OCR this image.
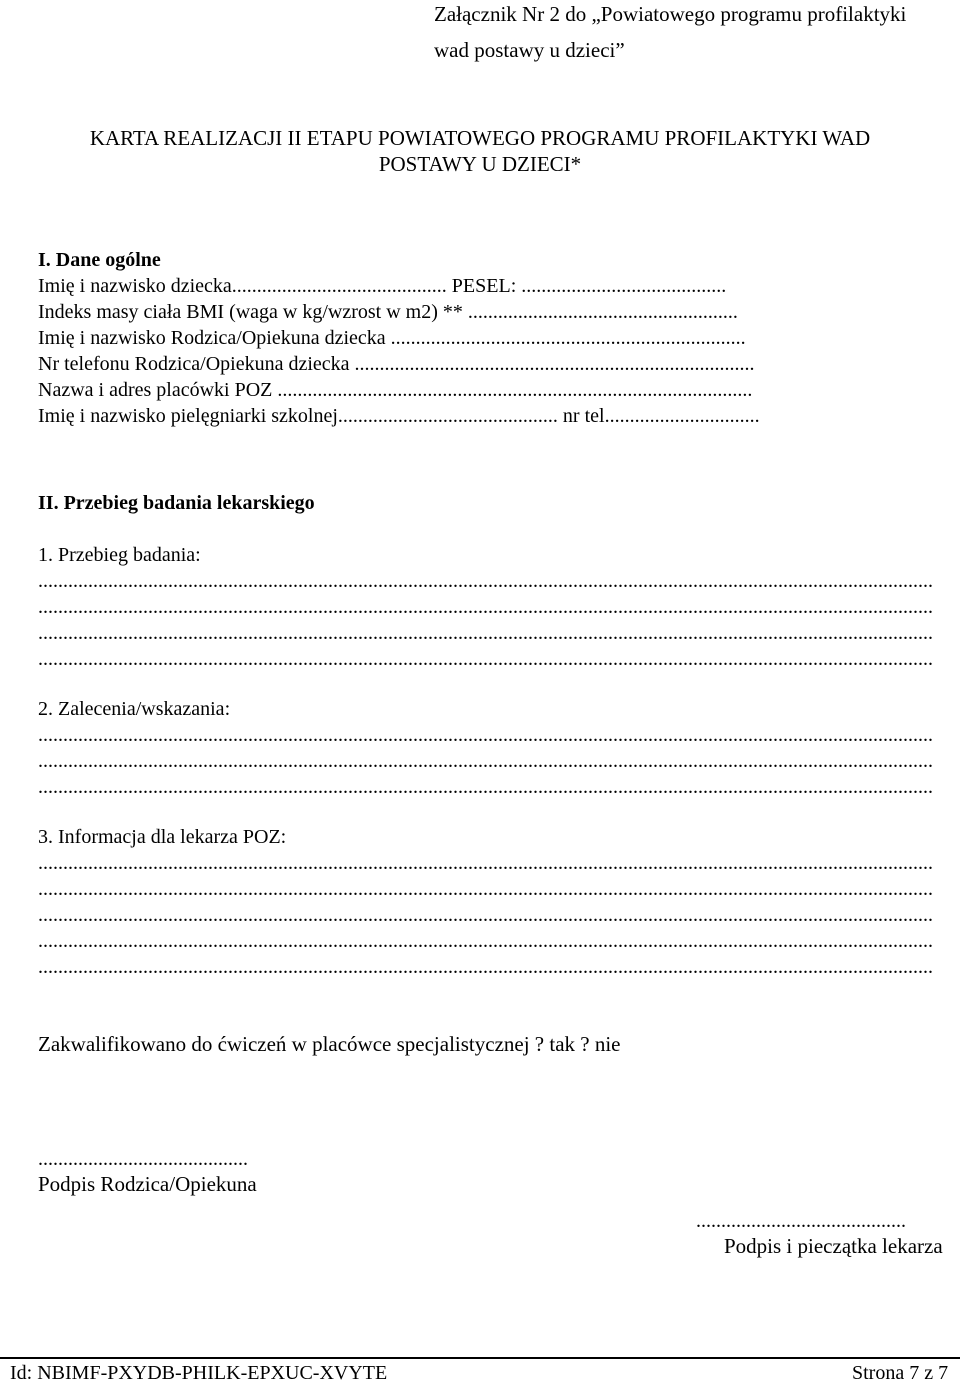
Załącznik Nr 2 do „Powiatowego programu profilaktyki
wad postawy u dzieci”
KARTA REALIZACJI II ETAPU POWIATOWEGO PROGRAMU PROFILAKTYKI WAD
POSTAWY U DZIECI*
I. Dane ogólne
Imię i nazwisko dziecka........................................... PESEL: .........................................
Indeks masy ciała BMI (waga w kg/wzrost w m2) ** ......................................................
Imię i nazwisko Rodzica/Opiekuna dziecka .......................................................................
Nr telefonu Rodzica/Opiekuna dziecka ................................................................................
Nazwa i adres placówki POZ ...............................................................................................
Imię i nazwisko pielęgniarki szkolnej............................................ nr tel...............................
II. Przebieg badania lekarskiego
1. Przebieg badania:
...................................................................................................................................................................................
...................................................................................................................................................................................
...................................................................................................................................................................................
...................................................................................................................................................................................
2. Zalecenia/wskazania:
...................................................................................................................................................................................
...................................................................................................................................................................................
...................................................................................................................................................................................
3. Informacja dla lekarza POZ:
...................................................................................................................................................................................
...................................................................................................................................................................................
...................................................................................................................................................................................
...................................................................................................................................................................................
...................................................................................................................................................................................
Zakwalifikowano do ćwiczeń w placówce specjalistycznej ? tak ? nie
..........................................
Podpis Rodzica/Opiekuna
..........................................
Podpis i pieczątka lekarza
Id: NBIMF-PXYDB-PHILK-EPXUC-XVYTE	Strona 7 z 7
